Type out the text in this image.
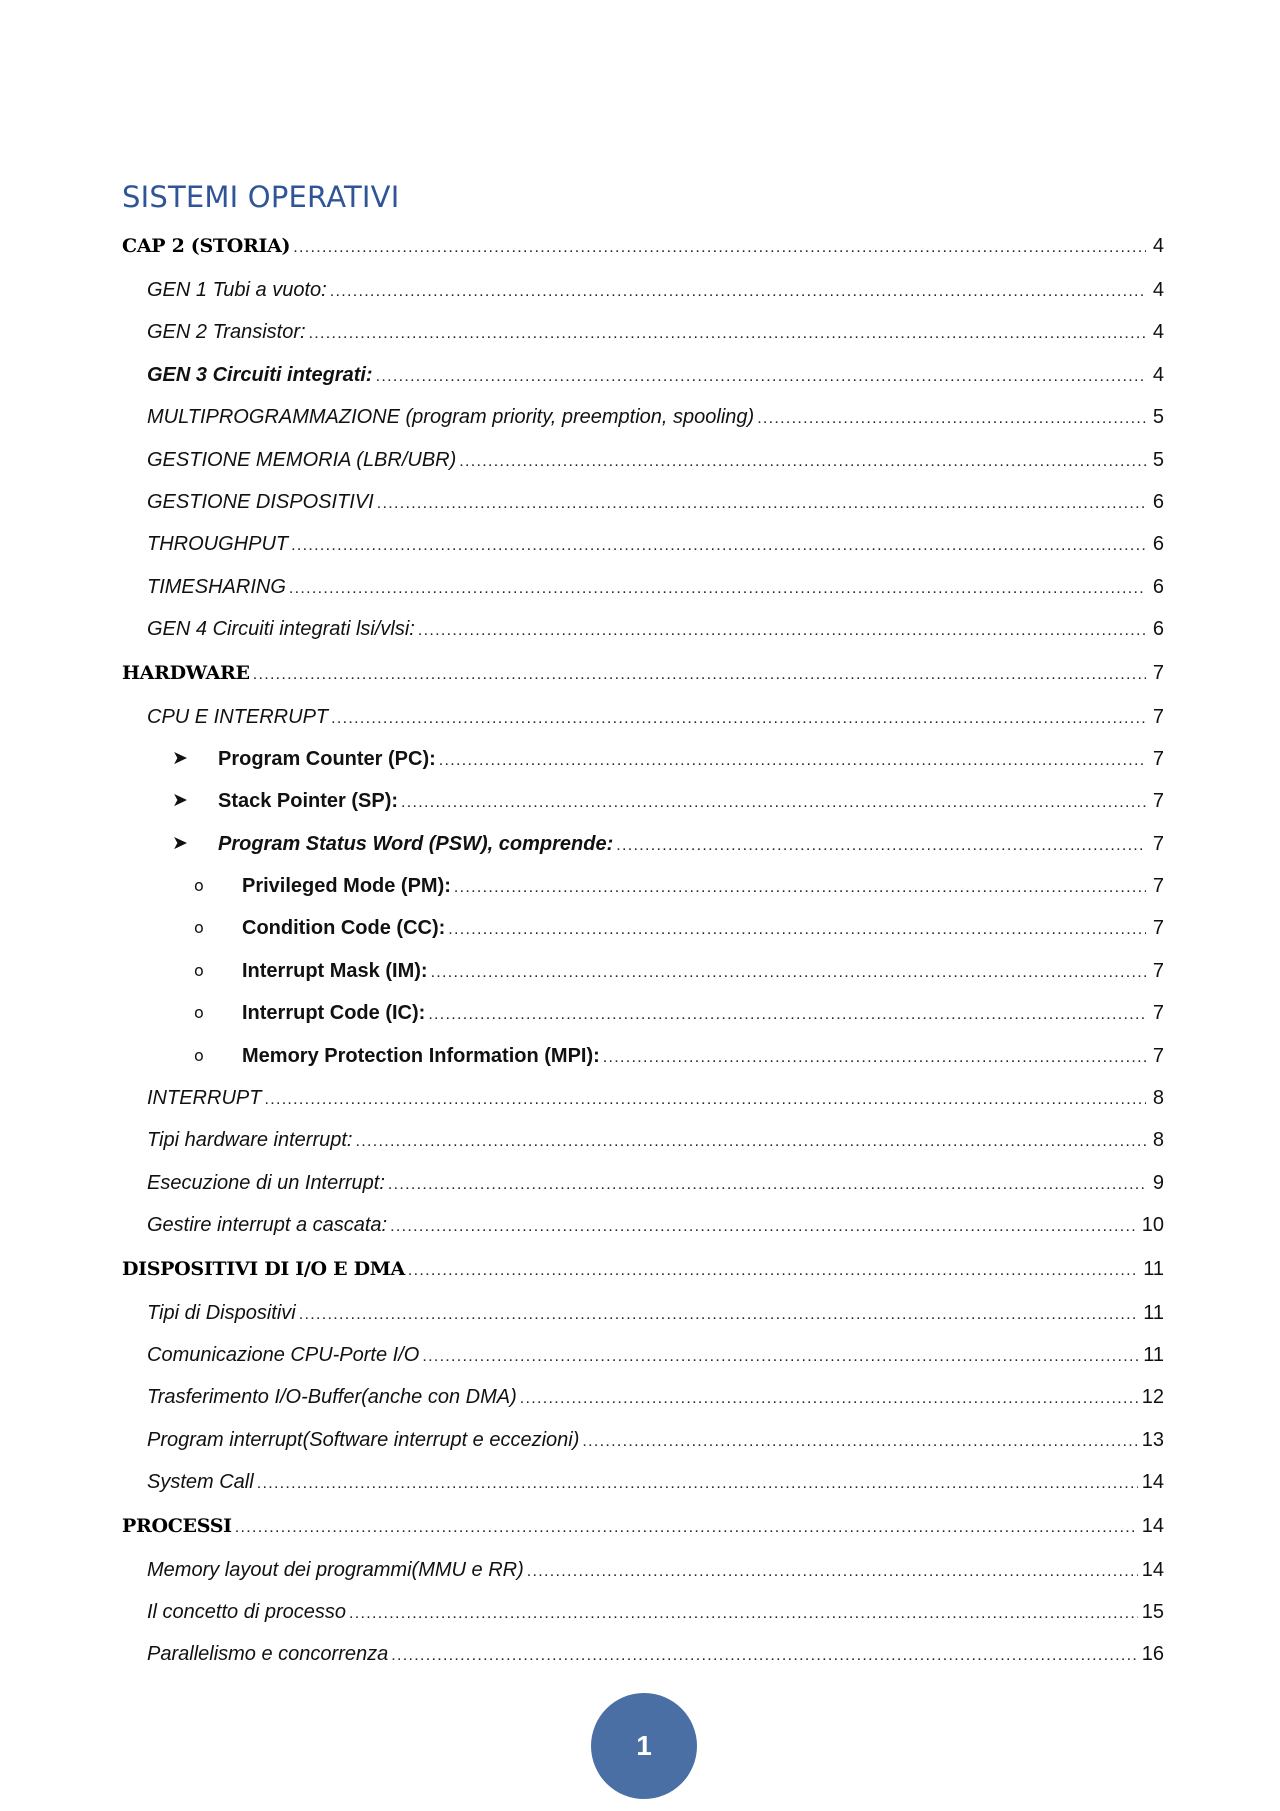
SISTEMI OPERATIVI
CAP 2 (STORIA) .....	4
GEN 1 Tubi a vuoto: .....	4
GEN 2 Transistor: .....	4
GEN 3 Circuiti integrati: .....	4
MULTIPROGRAMMAZIONE (program priority, preemption, spooling) .....	5
GESTIONE MEMORIA (LBR/UBR) .....	5
GESTIONE DISPOSITIVI .....	6
THROUGHPUT .....	6
TIMESHARING .....	6
GEN 4 Circuiti integrati lsi/vlsi: .....	6
HARDWARE .....	7
CPU E INTERRUPT .....	7
➤ Program Counter (PC): .....	7
➤ Stack Pointer (SP): .....	7
➤ Program Status Word (PSW), comprende: .....	7
o Privileged Mode (PM): .....	7
o Condition Code (CC): .....	7
o Interrupt Mask (IM): .....	7
o Interrupt Code (IC): .....	7
o Memory Protection Information (MPI): .....	7
INTERRUPT .....	8
Tipi hardware interrupt: .....	8
Esecuzione di un Interrupt: .....	9
Gestire interrupt a cascata: .....	10
DISPOSITIVI DI I/O E DMA .....	11
Tipi di Dispositivi .....	11
Comunicazione CPU-Porte I/O .....	11
Trasferimento I/O-Buffer(anche con DMA) .....	12
Program interrupt(Software interrupt e eccezioni) .....	13
System Call .....	14
PROCESSI .....	14
Memory layout dei programmi(MMU e RR) .....	14
Il concetto di processo .....	15
Parallelismo e concorrenza .....	16
1
